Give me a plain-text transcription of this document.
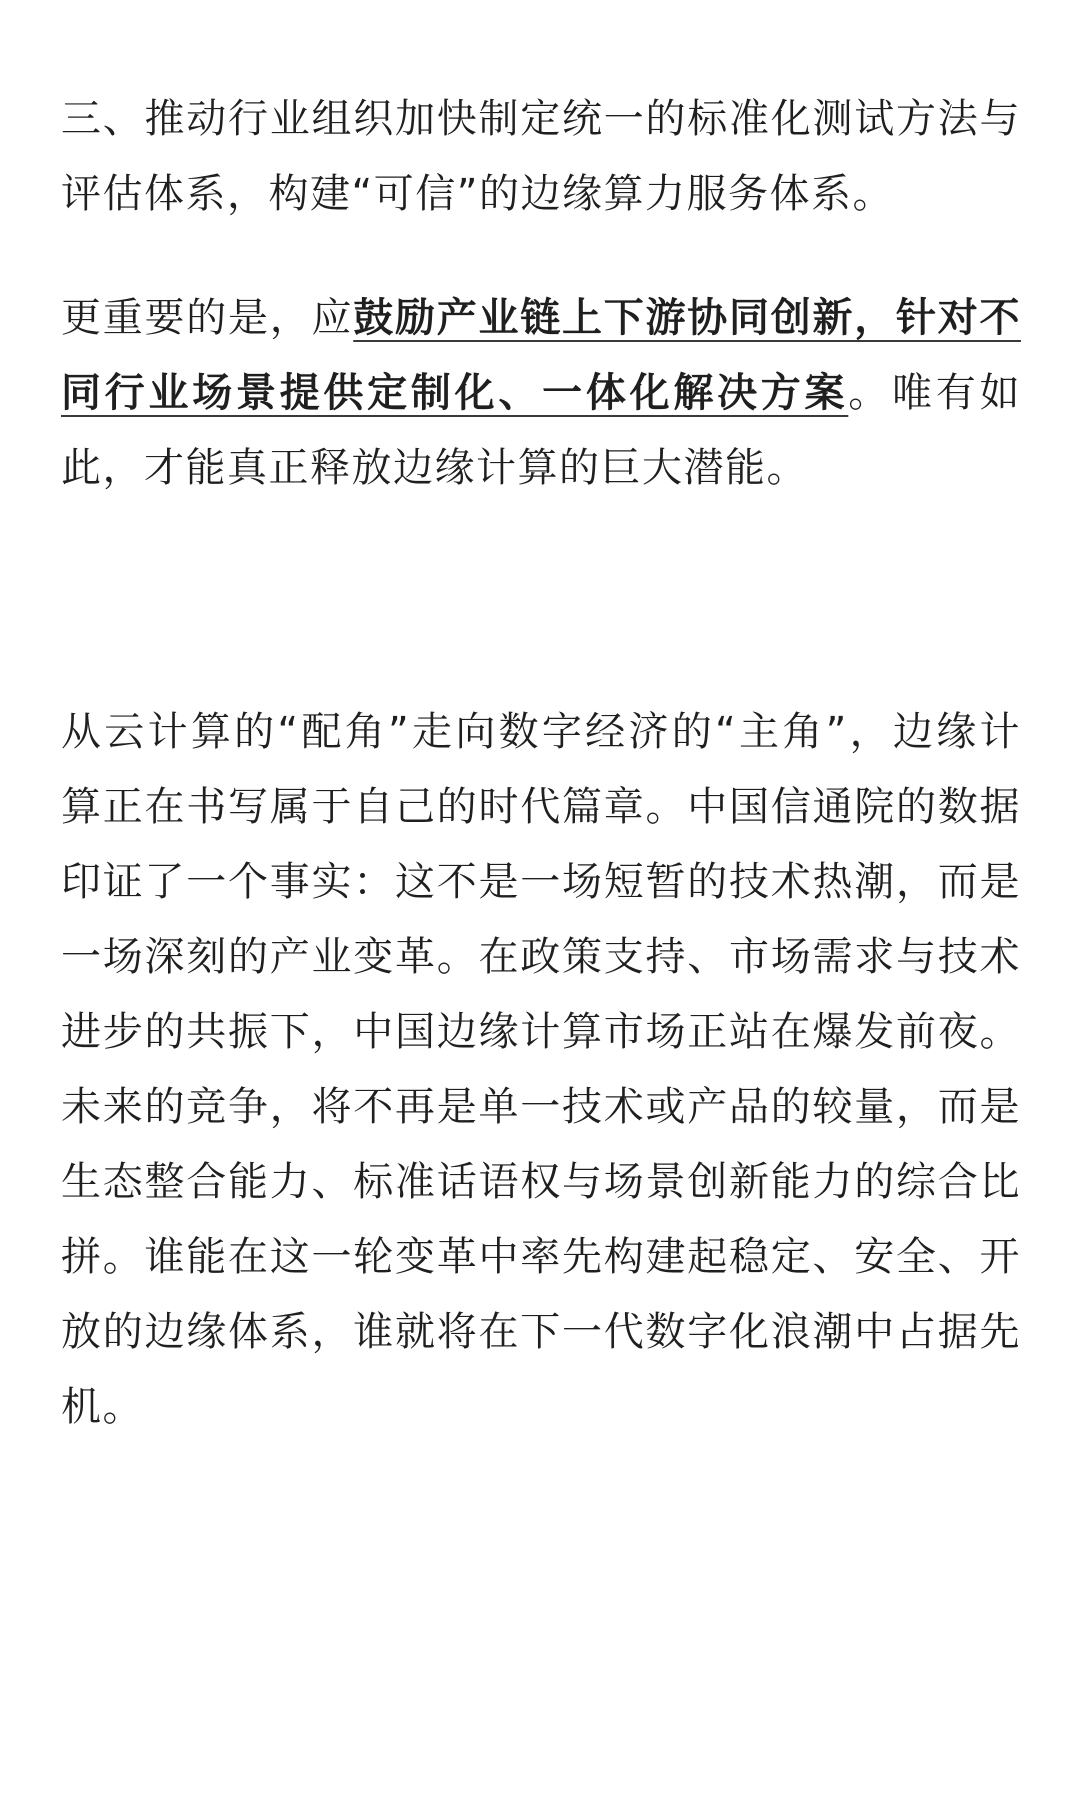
三、推动行业组织加快制定统一的标准化测试方法与评估体系，构建“可信”的边缘算力服务体系。

更重要的是，应鼓励产业链上下游协同创新，针对不同行业场景提供定制化、一体化解决方案。唯有如此，才能真正释放边缘计算的巨大潜能。

从云计算的“配角”走向数字经济的“主角”，边缘计算正在书写属于自己的时代篇章。中国信通院的数据印证了一个事实：这不是一场短暂的技术热潮，而是一场深刻的产业变革。在政策支持、市场需求与技术进步的共振下，中国边缘计算市场正站在爆发前夜。未来的竞争，将不再是单一技术或产品的较量，而是生态整合能力、标准话语权与场景创新能力的综合比拼。谁能在这一轮变革中率先构建起稳定、安全、开放的边缘体系，谁就将在下一代数字化浪潮中占据先机。
